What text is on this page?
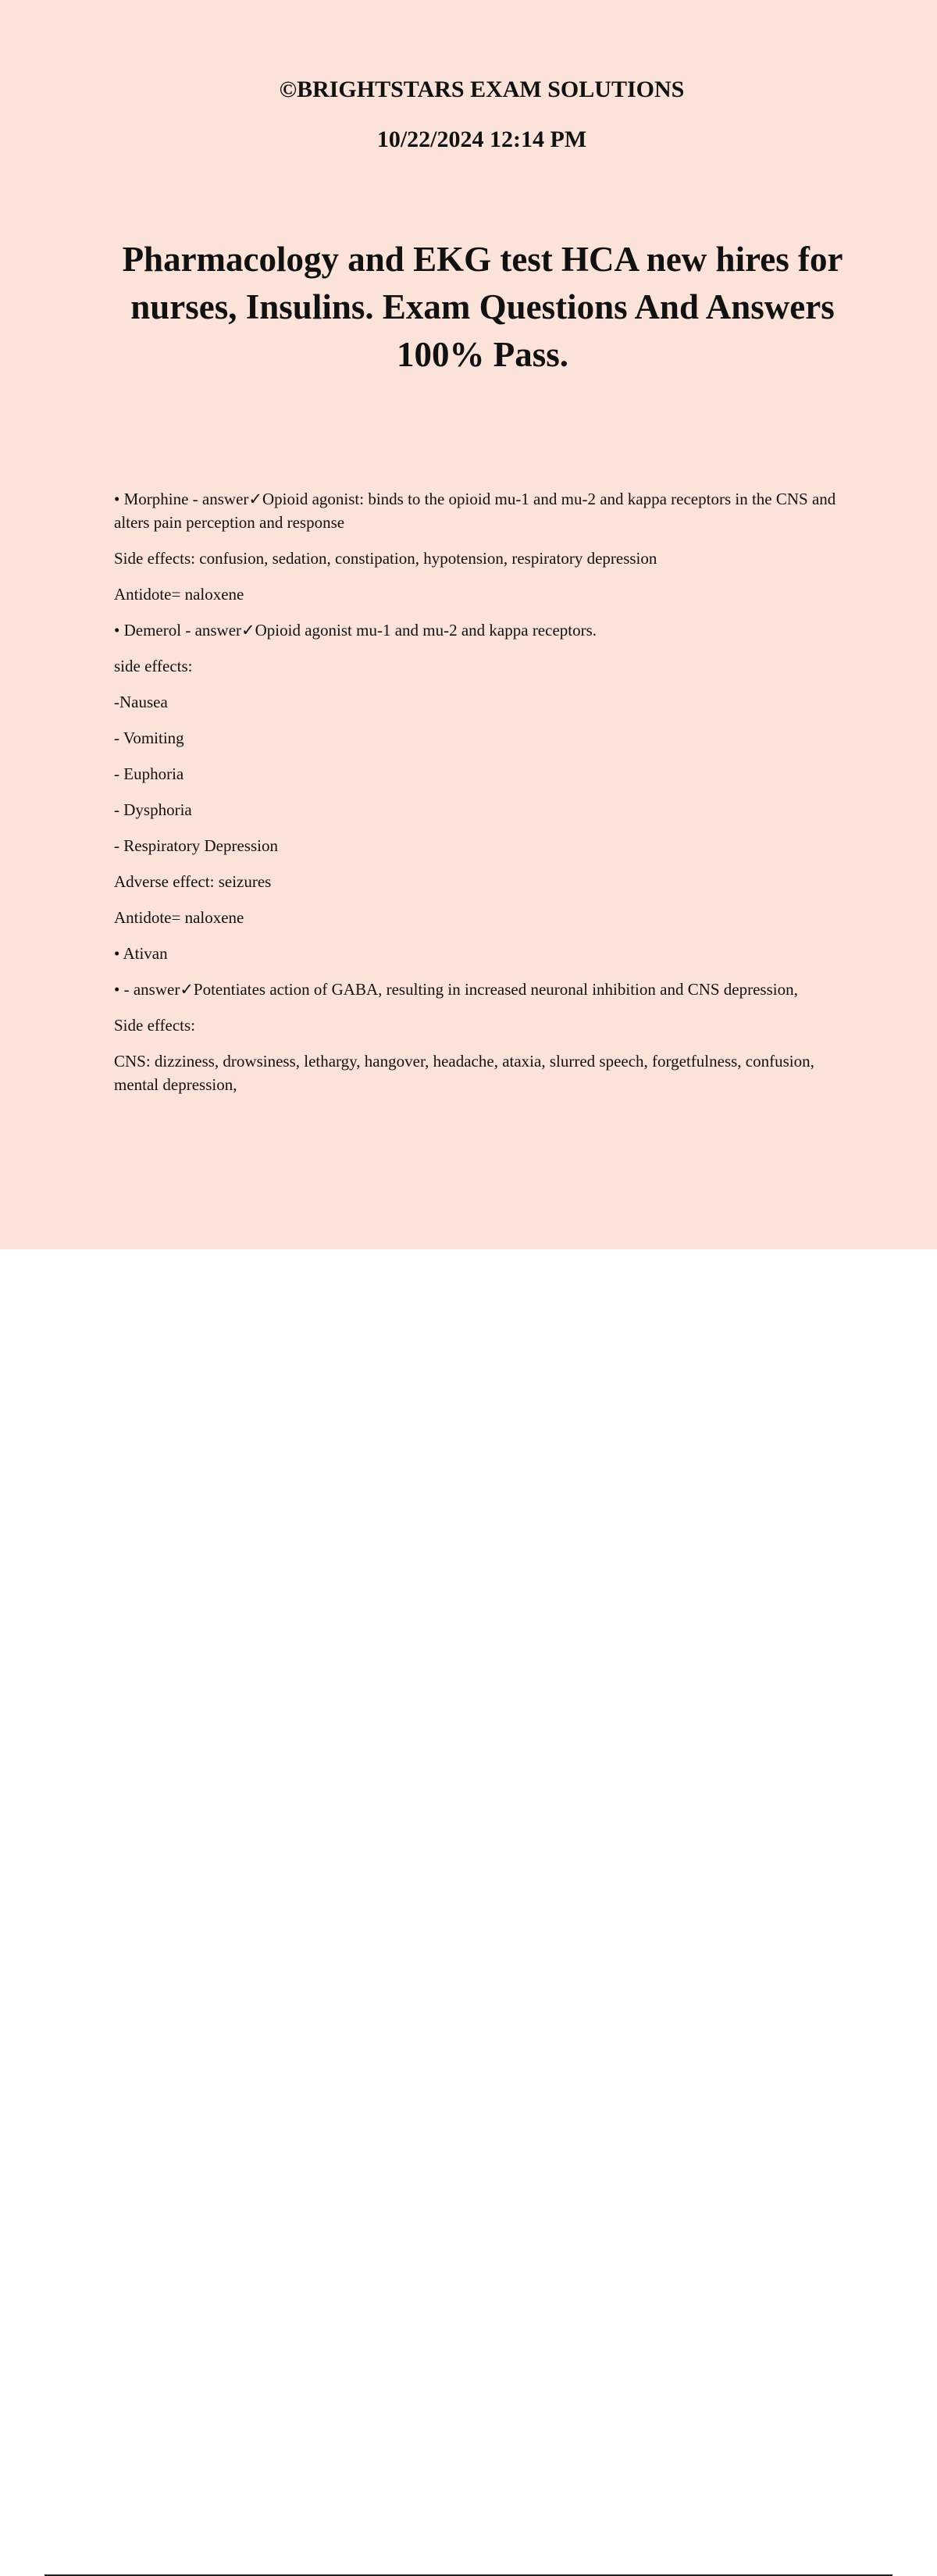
©BRIGHTSTARS EXAM SOLUTIONS
10/22/2024 12:14 PM
Pharmacology and EKG test HCA new hires for nurses, Insulins. Exam Questions And Answers 100% Pass.

• Morphine - answer✓Opioid agonist: binds to the opioid mu-1 and mu-2 and kappa receptors in the CNS and alters pain perception and response

Side effects: confusion, sedation, constipation, hypotension, respiratory depression

Antidote= naloxene

• Demerol - answer✓Opioid agonist mu-1 and mu-2 and kappa receptors.

side effects:

-Nausea

- Vomiting

- Euphoria

- Dysphoria

- Respiratory Depression

Adverse effect: seizures

Antidote= naloxene

• Ativan

• - answer✓Potentiates action of GABA, resulting in increased neuronal inhibition and CNS depression,

Side effects:

CNS: dizziness, drowsiness, lethargy, hangover, headache, ataxia, slurred speech, forgetfulness, confusion, mental depression,
